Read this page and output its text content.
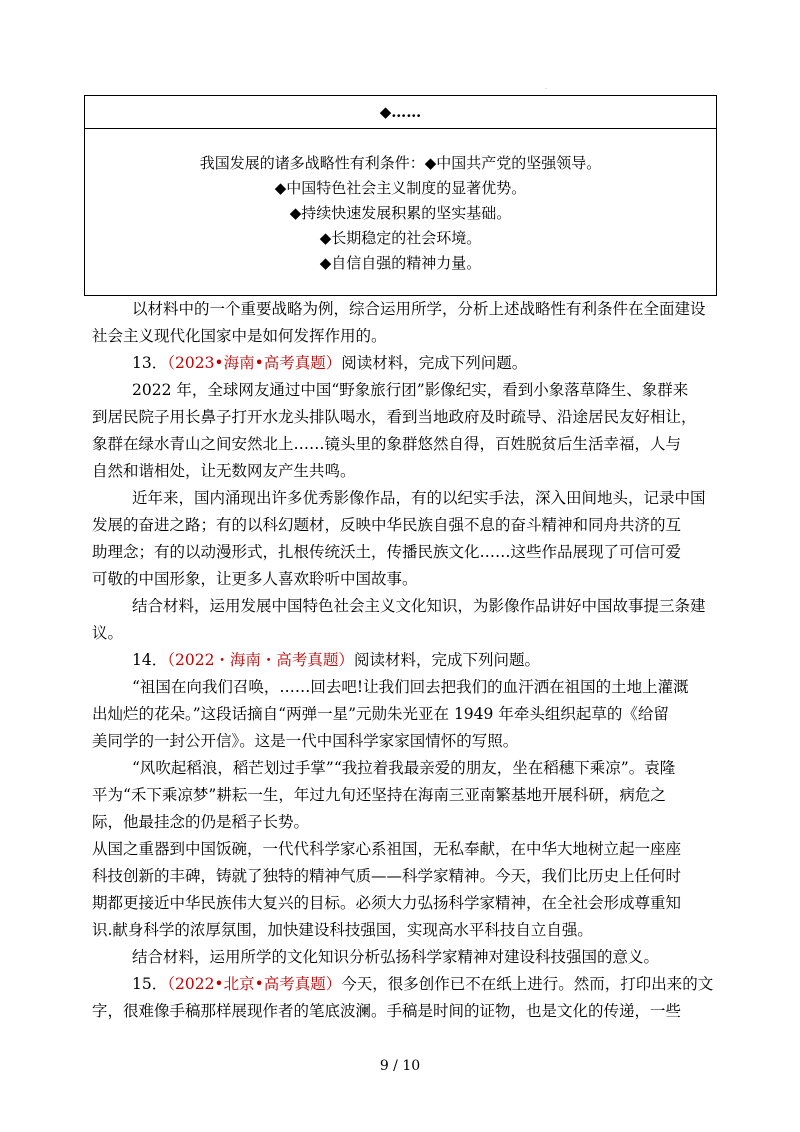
·
◆……
我国发展的诸多战略性有利条件：◆中国共产党的坚强领导。
◆中国特色社会主义制度的显著优势。
◆持续快速发展积累的坚实基础。
◆长期稳定的社会环境。
◆自信自强的精神力量。
以材料中的一个重要战略为例，综合运用所学，分析上述战略性有利条件在全面建设
社会主义现代化国家中是如何发挥作用的。
13．（2023•海南•高考真题）阅读材料，完成下列问题。
2022 年，全球网友通过中国“野象旅行团”影像纪实，看到小象落草降生、象群来
到居民院子用长鼻子打开水龙头排队喝水，看到当地政府及时疏导、沿途居民友好相让，
象群在绿水青山之间安然北上……镜头里的象群悠然自得，百姓脱贫后生活幸福，人与
自然和谐相处，让无数网友产生共鸣。
近年来，国内涌现出许多优秀影像作品，有的以纪实手法，深入田间地头，记录中国
发展的奋进之路；有的以科幻题材，反映中华民族自强不息的奋斗精神和同舟共济的互
助理念；有的以动漫形式，扎根传统沃土，传播民族文化……这些作品展现了可信可爱
可敬的中国形象，让更多人喜欢聆听中国故事。
结合材料，运用发展中国特色社会主义文化知识，为影像作品讲好中国故事提三条建
议。
14．（2022・海南・高考真题）阅读材料，完成下列问题。
“祖国在向我们召唤，……回去吧!让我们回去把我们的血汗洒在祖国的土地上灌溉
出灿烂的花朵。”这段话摘自“两弹一星”元勋朱光亚在 1949 年牵头组织起草的《给留
美同学的一封公开信》。这是一代中国科学家家国情怀的写照。
“风吹起稻浪，稻芒划过手掌”“我拉着我最亲爱的朋友，坐在稻穗下乘凉”。袁隆
平为“禾下乘凉梦”耕耘一生，年过九旬还坚持在海南三亚南繁基地开展科研，病危之
际，他最挂念的仍是稻子长势。
从国之重器到中国饭碗，一代代科学家心系祖国，无私奉献，在中华大地树立起一座座
科技创新的丰碑，铸就了独特的精神气质——科学家精神。今天，我们比历史上任何时
期都更接近中华民族伟大复兴的目标。必须大力弘扬科学家精神，在全社会形成尊重知
识.献身科学的浓厚氛围，加快建设科技强国，实现高水平科技自立自强。
结合材料，运用所学的文化知识分析弘扬科学家精神对建设科技强国的意义。
15．（2022•北京•高考真题）今天，很多创作已不在纸上进行。然而，打印出来的文
字，很难像手稿那样展现作者的笔底波澜。手稿是时间的证物，也是文化的传递，一些
9 / 10
